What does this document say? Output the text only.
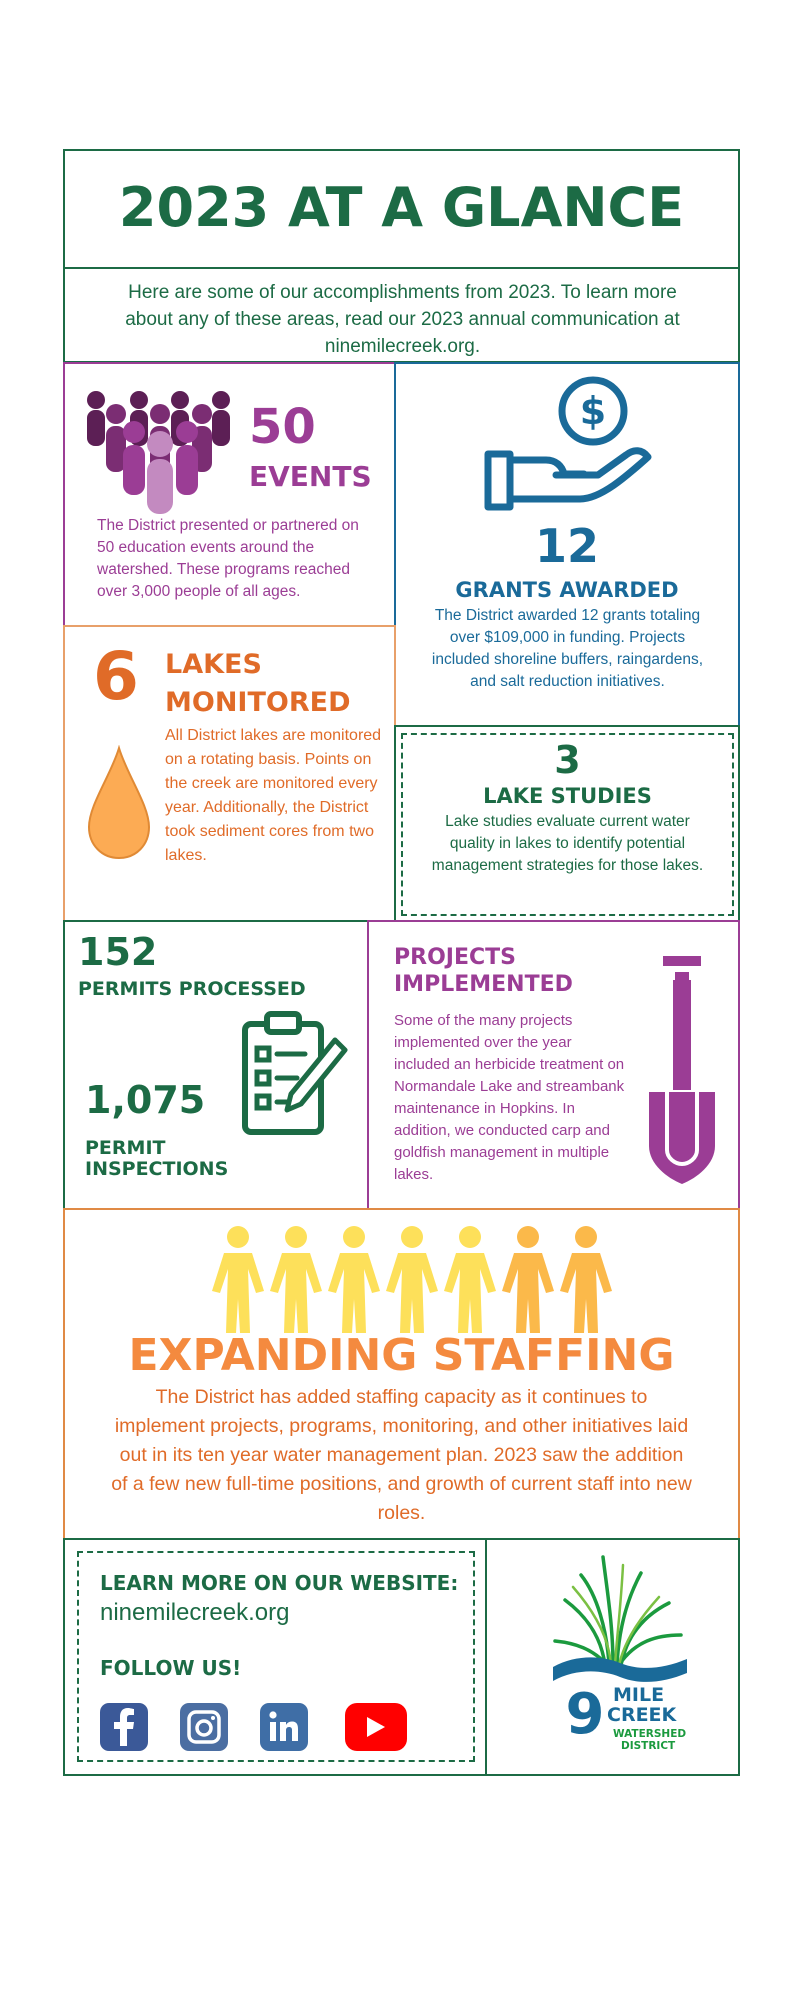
2023 AT A GLANCE
Here are some of our accomplishments from 2023. To learn more about any of these areas, read our 2023 annual communication at ninemilecreek.org.
50
EVENTS
The District presented or partnered on 50 education events around the watershed. These programs reached over 3,000 people of all ages.
$
12
GRANTS AWARDED
The District awarded 12 grants totaling over $109,000 in funding. Projects included shoreline buffers, raingardens, and salt reduction initiatives.
6 LAKES
MONITORED
All District lakes are monitored on a rotating basis. Points on the creek are monitored every year. Additionally, the District took sediment cores from two lakes.
3
LAKE STUDIES
Lake studies evaluate current water quality in lakes to identify potential management strategies for those lakes.
152
PERMITS PROCESSED
1,075
PERMIT
INSPECTIONS
PROJECTS
IMPLEMENTED
Some of the many projects implemented over the year included an herbicide treatment on Normandale Lake and streambank maintenance in Hopkins. In addition, we conducted carp and goldfish management in multiple lakes.
EXPANDING STAFFING
The District has added staffing capacity as it continues to implement projects, programs, monitoring, and other initiatives laid out in its ten year water management plan. 2023 saw the addition of a few new full-time positions, and growth of current staff into new roles.
LEARN MORE ON OUR WEBSITE:
ninemilecreek.org
FOLLOW US!
9 MILE
CREEK
WATERSHED
DISTRICT
